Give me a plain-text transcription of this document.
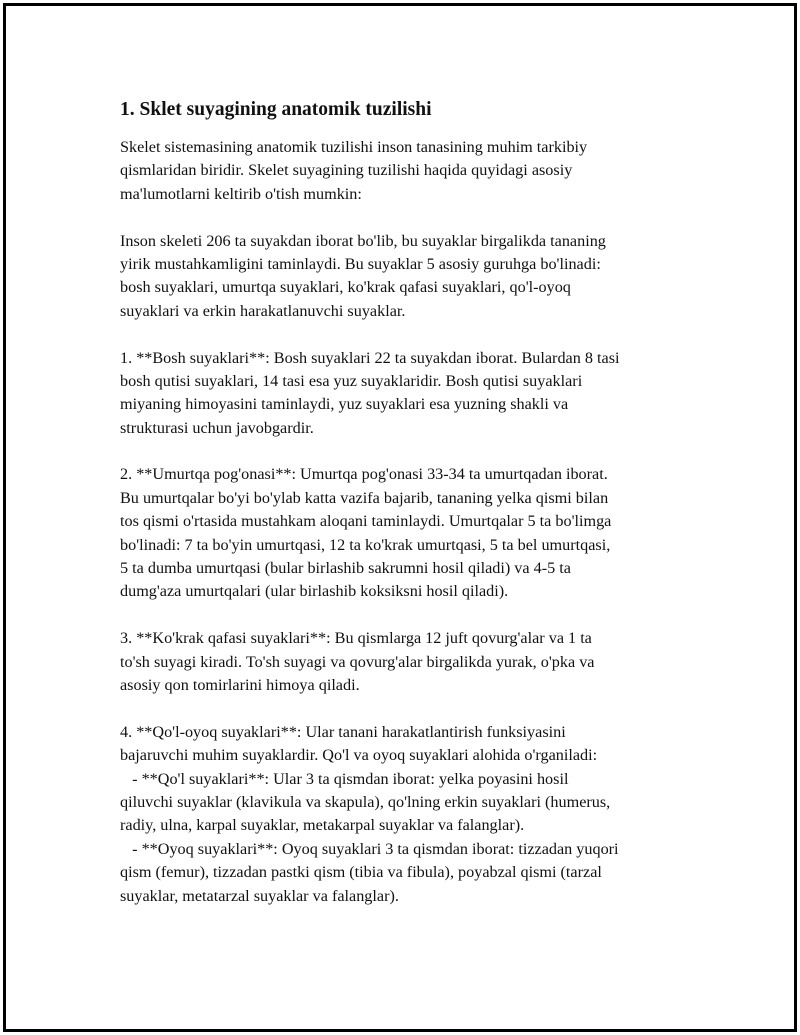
1. Sklet suyagining anatomik tuzilishi
Skelet sistemasining anatomik tuzilishi inson tanasining muhim tarkibiy
qismlaridan biridir. Skelet suyagining tuzilishi haqida quyidagi asosiy
ma'lumotlarni keltirib o'tish mumkin:
Inson skeleti 206 ta suyakdan iborat bo'lib, bu suyaklar birgalikda tananing
yirik mustahkamligini taminlaydi. Bu suyaklar 5 asosiy guruhga bo'linadi:
bosh suyaklari, umurtqa suyaklari, ko'krak qafasi suyaklari, qo'l-oyoq
suyaklari va erkin harakatlanuvchi suyaklar.
1. **Bosh suyaklari**: Bosh suyaklari 22 ta suyakdan iborat. Bulardan 8 tasi
bosh qutisi suyaklari, 14 tasi esa yuz suyaklaridir. Bosh qutisi suyaklari
miyaning himoyasini taminlaydi, yuz suyaklari esa yuzning shakli va
strukturasi uchun javobgardir.
2. **Umurtqa pog'onasi**: Umurtqa pog'onasi 33-34 ta umurtqadan iborat.
Bu umurtqalar bo'yi bo'ylab katta vazifa bajarib, tananing yelka qismi bilan
tos qismi o'rtasida mustahkam aloqani taminlaydi. Umurtqalar 5 ta bo'limga
bo'linadi: 7 ta bo'yin umurtqasi, 12 ta ko'krak umurtqasi, 5 ta bel umurtqasi,
5 ta dumba umurtqasi (bular birlashib sakrumni hosil qiladi) va 4-5 ta
dumg'aza umurtqalari (ular birlashib koksiksni hosil qiladi).
3. **Ko'krak qafasi suyaklari**: Bu qismlarga 12 juft qovurg'alar va 1 ta
to'sh suyagi kiradi. To'sh suyagi va qovurg'alar birgalikda yurak, o'pka va
asosiy qon tomirlarini himoya qiladi.
4. **Qo'l-oyoq suyaklari**: Ular tanani harakatlantirish funksiyasini
bajaruvchi muhim suyaklardir. Qo'l va oyoq suyaklari alohida o'rganiladi:
- **Qo'l suyaklari**: Ular 3 ta qismdan iborat: yelka poyasini hosil
qiluvchi suyaklar (klavikula va skapula), qo'lning erkin suyaklari (humerus,
radiy, ulna, karpal suyaklar, metakarpal suyaklar va falanglar).
- **Oyoq suyaklari**: Oyoq suyaklari 3 ta qismdan iborat: tizzadan yuqori
qism (femur), tizzadan pastki qism (tibia va fibula), poyabzal qismi (tarzal
suyaklar, metatarzal suyaklar va falanglar).
